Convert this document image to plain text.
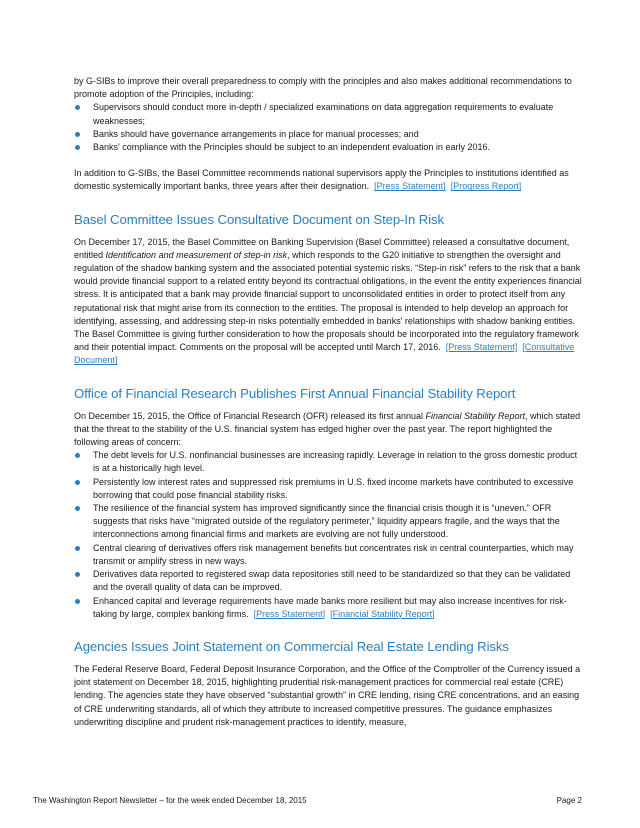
by G-SIBs to improve their overall preparedness to comply with the principles and also makes additional recommendations to promote adoption of the Principles, including:

Supervisors should conduct more in-depth / specialized examinations on data aggregation requirements to evaluate weaknesses;
Banks should have governance arrangements in place for manual processes; and
Banks' compliance with the Principles should be subject to an independent evaluation in early 2016.

In addition to G-SIBs, the Basel Committee recommends national supervisors apply the Principles to institutions identified as domestic systemically important banks, three years after their designation. [Press Statement] [Progress Report]

Basel Committee Issues Consultative Document on Step-In Risk

On December 17, 2015, the Basel Committee on Banking Supervision (Basel Committee) released a consultative document, entitled Identification and measurement of step-in risk, which responds to the G20 initiative to strengthen the oversight and regulation of the shadow banking system and the associated potential systemic risks. “Step-in risk” refers to the risk that a bank would provide financial support to a related entity beyond its contractual obligations, in the event the entity experiences financial stress. It is anticipated that a bank may provide financial support to unconsolidated entities in order to protect itself from any reputational risk that might arise from its connection to the entities. The proposal is intended to help develop an approach for identifying, assessing, and addressing step-in risks potentially embedded in banks' relationships with shadow banking entities. The Basel Committee is giving further consideration to how the proposals should be incorporated into the regulatory framework and their potential impact. Comments on the proposal will be accepted until March 17, 2016. [Press Statement] [Consultative Document]

Office of Financial Research Publishes First Annual Financial Stability Report

On December 15, 2015, the Office of Financial Research (OFR) released its first annual Financial Stability Report, which stated that the threat to the stability of the U.S. financial system has edged higher over the past year. The report highlighted the following areas of concern:

The debt levels for U.S. nonfinancial businesses are increasing rapidly. Leverage in relation to the gross domestic product is at a historically high level.
Persistently low interest rates and suppressed risk premiums in U.S. fixed income markets have contributed to excessive borrowing that could pose financial stability risks.
The resilience of the financial system has improved significantly since the financial crisis though it is “uneven.” OFR suggests that risks have “migrated outside of the regulatory perimeter,” liquidity appears fragile, and the ways that the interconnections among financial firms and markets are evolving are not fully understood.
Central clearing of derivatives offers risk management benefits but concentrates risk in central counterparties, which may transmit or amplify stress in new ways.
Derivatives data reported to registered swap data repositories still need to be standardized so that they can be validated and the overall quality of data can be improved.
Enhanced capital and leverage requirements have made banks more resilient but may also increase incentives for risk-taking by large, complex banking firms. [Press Statement] [Financial Stability Report]
Agencies Issues Joint Statement on Commercial Real Estate Lending Risks

The Federal Reserve Board, Federal Deposit Insurance Corporation, and the Office of the Comptroller of the Currency issued a joint statement on December 18, 2015, highlighting prudential risk-management practices for commercial real estate (CRE) lending. The agencies state they have observed “substantial growth” in CRE lending, rising CRE concentrations, and an easing of CRE underwriting standards, all of which they attribute to increased competitive pressures. The guidance emphasizes underwriting discipline and prudent risk-management practices to identify, measure,

The Washington Report Newsletter – for the week ended December 18, 2015	Page 2
